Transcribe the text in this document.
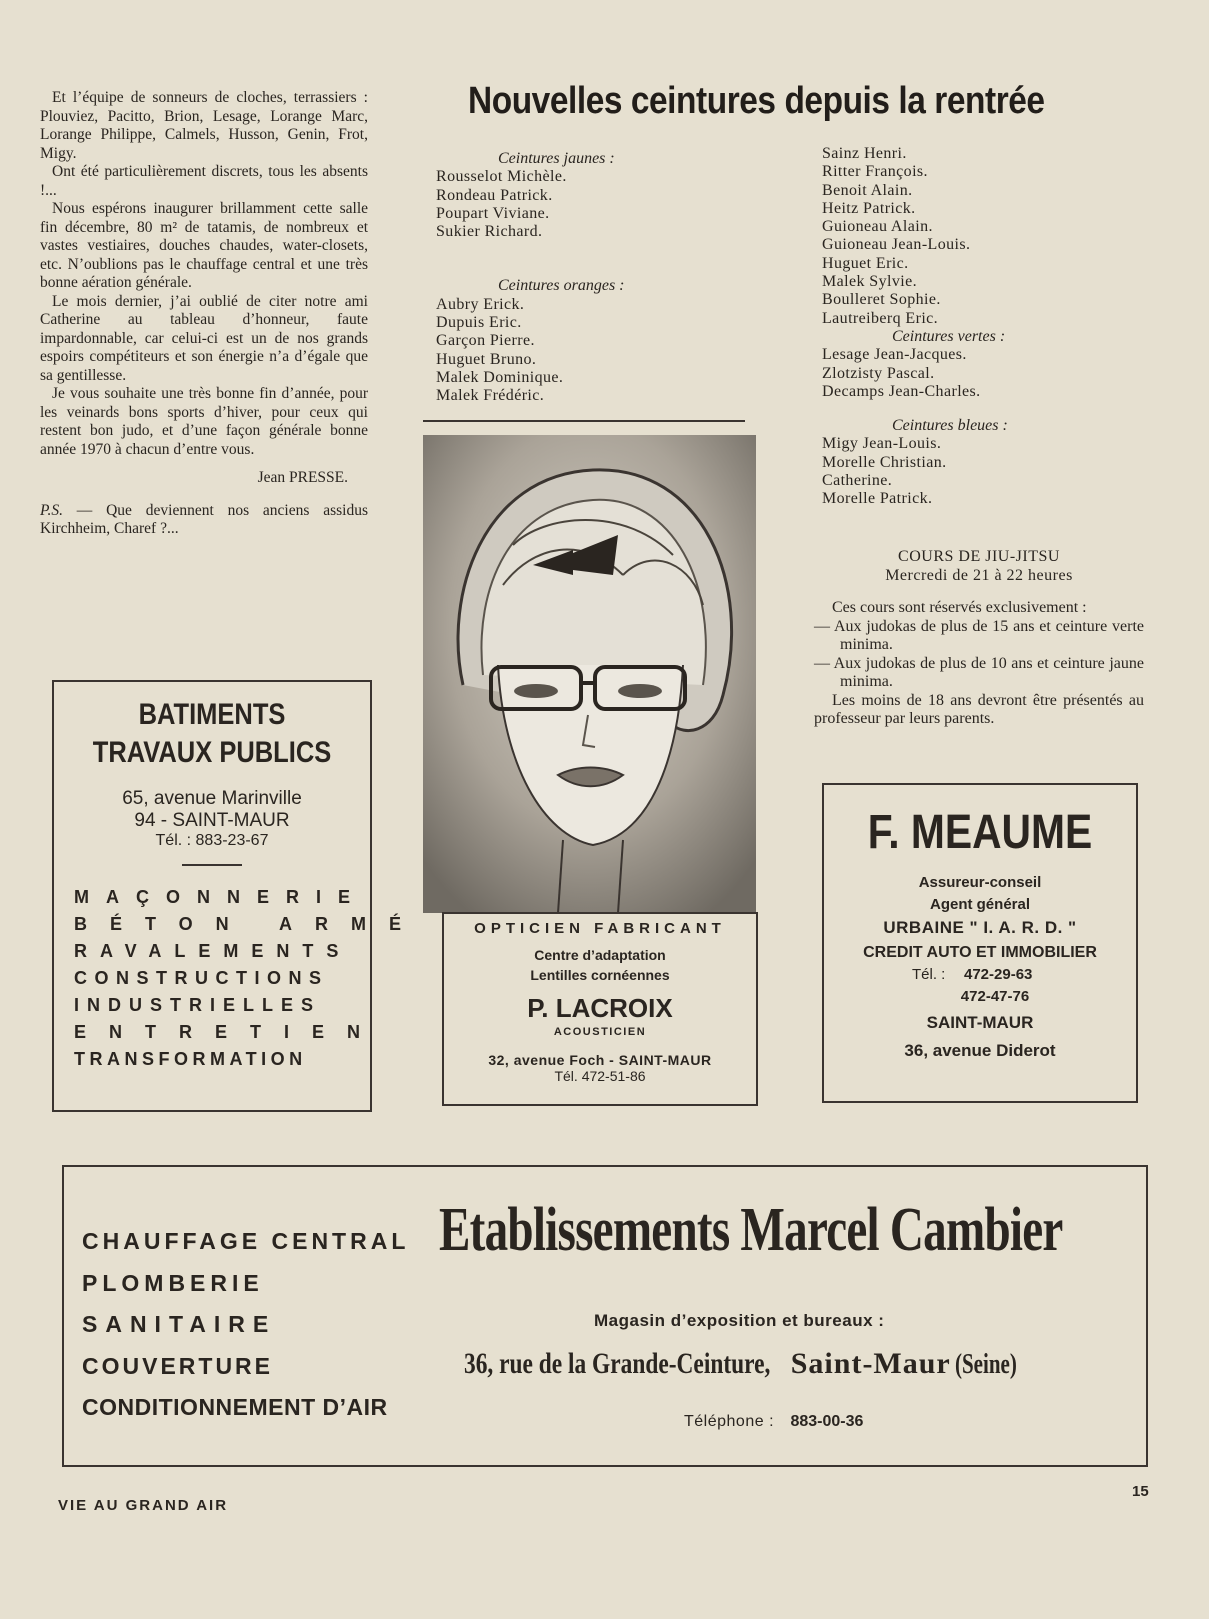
Et l’équipe de sonneurs de cloches, terrassiers : Plouviez, Pacitto, Brion, Lesage, Lorange Marc, Lorange Philippe, Calmels, Husson, Genin, Frot, Migy.

Ont été particulièrement discrets, tous les absents !...

Nous espérons inaugurer brillamment cette salle fin décembre, 80 m² de tatamis, de nombreux et vastes vestiaires, douches chaudes, water-closets, etc. N’oublions pas le chauffage central et une très bonne aération générale.

Le mois dernier, j’ai oublié de citer notre ami Catherine au tableau d’honneur, faute impardonnable, car celui-ci est un de nos grands espoirs compétiteurs et son énergie n’a d’égale que sa gentillesse.

Je vous souhaite une très bonne fin d’année, pour les veinards bons sports d’hiver, pour ceux qui restent bon judo, et d’une façon générale bonne année 1970 à chacun d’entre vous.

Jean PRESSE.

P.S. — Que deviennent nos anciens assidus Kirchheim, Charef ?...

Nouvelles ceintures depuis la rentrée
Ceintures jaunes :
Rousselot Michèle.
Rondeau Patrick.
Poupart Viviane.
Sukier Richard.
Ceintures oranges :
Aubry Erick.
Dupuis Eric.
Garçon Pierre.
Huguet Bruno.
Malek Dominique.
Malek Frédéric.
Sainz Henri.
Ritter François.
Benoit Alain.
Heitz Patrick.
Guioneau Alain.
Guioneau Jean-Louis.
Huguet Eric.
Malek Sylvie.
Boulleret Sophie.
Lautreiberq Eric.
Ceintures vertes :
Lesage Jean-Jacques.
Zlotzisty Pascal.
Decamps Jean-Charles.
Ceintures bleues :
Migy Jean-Louis.
Morelle Christian.
Catherine.
Morelle Patrick.
COURS DE JIU-JITSU
Mercredi de 21 à 22 heures
Ces cours sont réservés exclusivement :
— Aux judokas de plus de 15 ans et ceinture verte minima.
— Aux judokas de plus de 10 ans et ceinture jaune minima.
Les moins de 18 ans devront être présentés au professeur par leurs parents.
BATIMENTS
TRAVAUX PUBLICS
65, avenue Marinville
94 - SAINT-MAUR
Tél. : 883-23-67
MAÇONNERIE
BÉTON ARMÉ
RAVALEMENTS
CONSTRUCTIONS
INDUSTRIELLES
ENTRETIEN
TRANSFORMATION
OPTICIEN FABRICANT
Centre d’adaptation
Lentilles cornéennes
P. LACROIX
ACOUSTICIEN
32, avenue Foch - SAINT-MAUR
Tél. 472-51-86
F. MEAUME
Assureur-conseil
Agent général
URBAINE " I. A. R. D. "
CREDIT AUTO ET IMMOBILIER
Tél. : 472-29-63
472-47-76
SAINT-MAUR
36, avenue Diderot
CHAUFFAGE CENTRAL
PLOMBERIE
SANITAIRE
COUVERTURE
CONDITIONNEMENT D’AIR
Etablissements Marcel Cambier
Magasin d’exposition et bureaux :
36, rue de la Grande-Ceinture, Saint-Maur (Seine)
Téléphone : 883-00-36
VIE AU GRAND AIR
15
